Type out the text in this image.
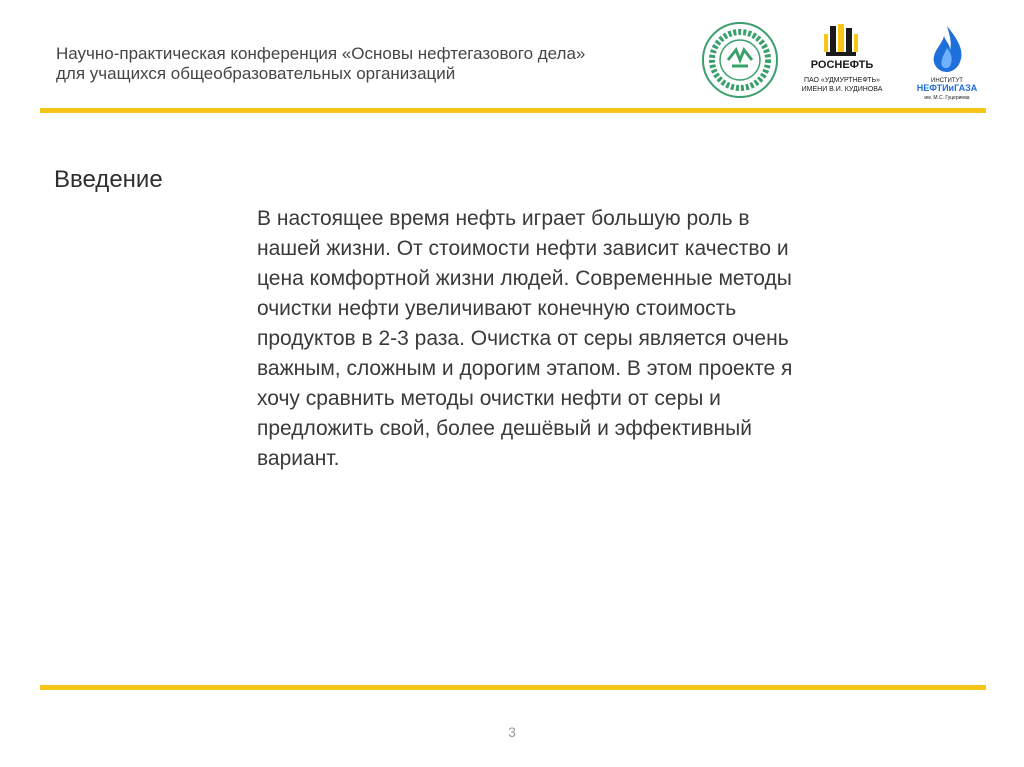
Научно-практическая конференция «Основы нефтегазового дела»
для учащихся общеобразовательных организаций	РОСНЕФТЬ
ПАО «УДМУРТНЕФТЬ»
ИМЕНИ В.И. КУДИНОВА
ИНСТИТУТ
НЕФТИиГАЗА
им. М.С. Гуцериева
Введение
В настоящее время нефть играет большую роль в
нашей жизни. От стоимости нефти зависит качество и
цена комфортной жизни людей. Современные методы
очистки нефти увеличивают конечную стоимость
продуктов в 2-3 раза. Очистка от серы является очень
важным, сложным и дорогим этапом. В этом проекте я
хочу сравнить методы очистки нефти от серы и
предложить свой, более дешёвый и эффективный
вариант.
3
